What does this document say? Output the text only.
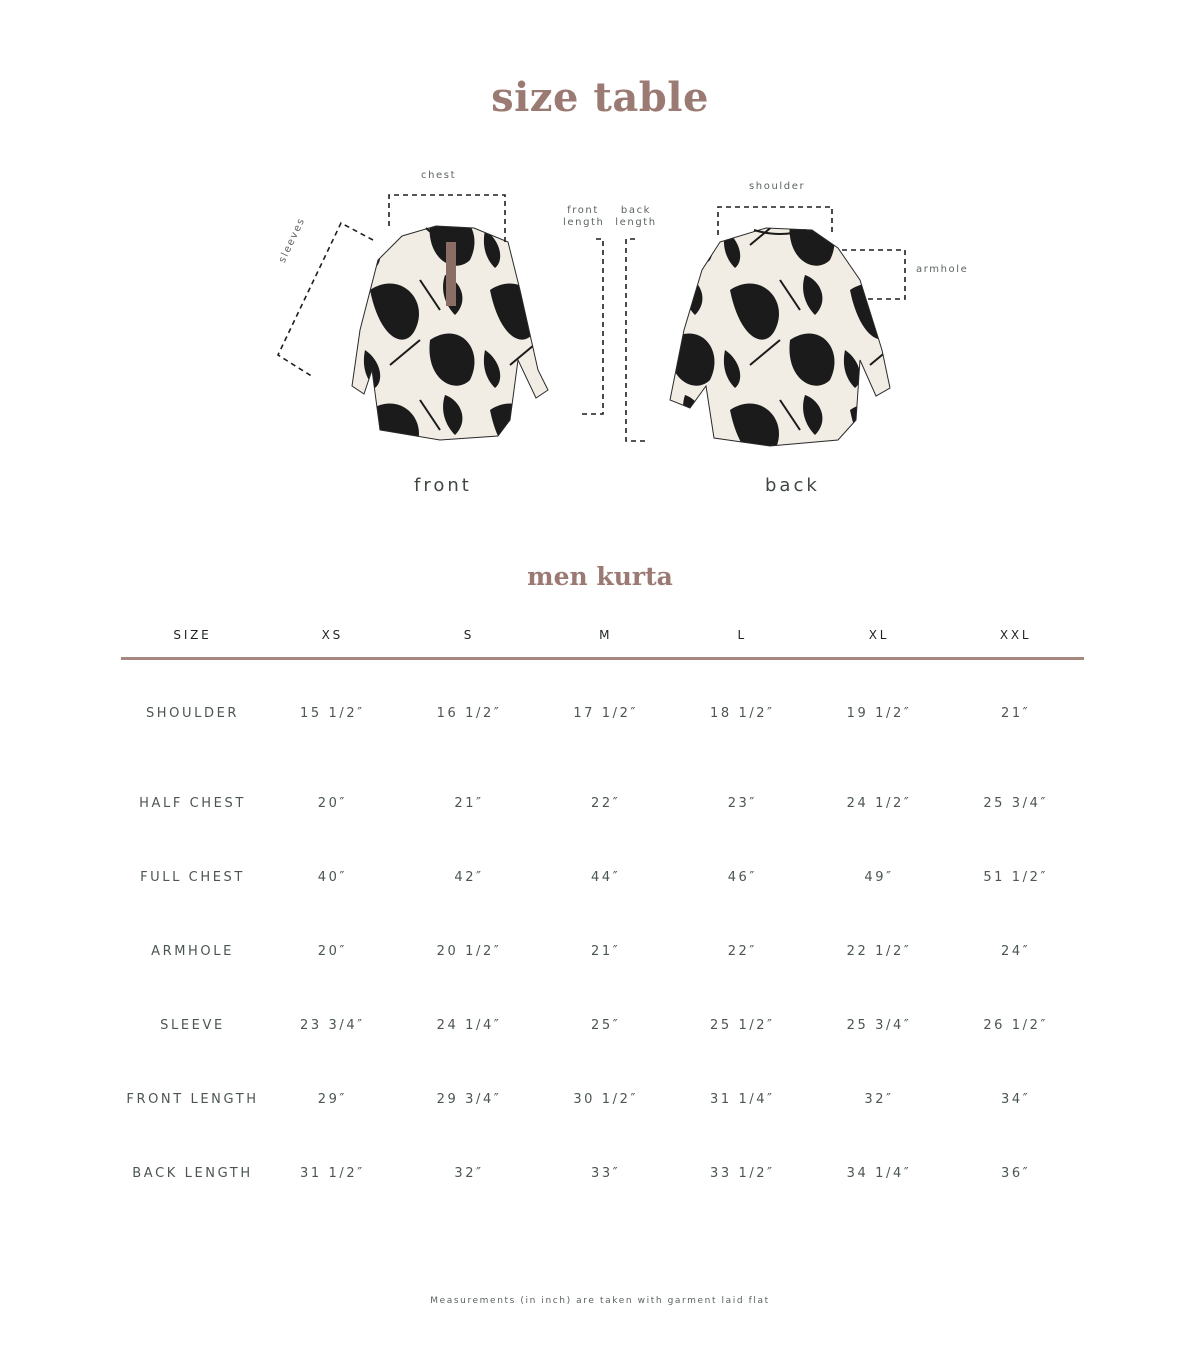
size table
chest
sleeves
front
length
back
length
shoulder
armhole
front	back
men kurta
SIZE	XS	S	M	L	XL	XXL
SHOULDER	15 1/2″	16 1/2″	17 1/2″	18 1/2″	19 1/2″	21″
HALF CHEST	20″	21″	22″	23″	24 1/2″	25 3/4″
FULL CHEST	40″	42″	44″	46″	49″	51 1/2″
ARMHOLE	20″	20 1/2″	21″	22″	22 1/2″	24″
SLEEVE	23 3/4″	24 1/4″	25″	25 1/2″	25 3/4″	26 1/2″
FRONT LENGTH	29″	29 3/4″	30 1/2″	31 1/4″	32″	34″
BACK LENGTH	31 1/2″	32″	33″	33 1/2″	34 1/4″	36″
Measurements (in inch) are taken with garment laid flat
